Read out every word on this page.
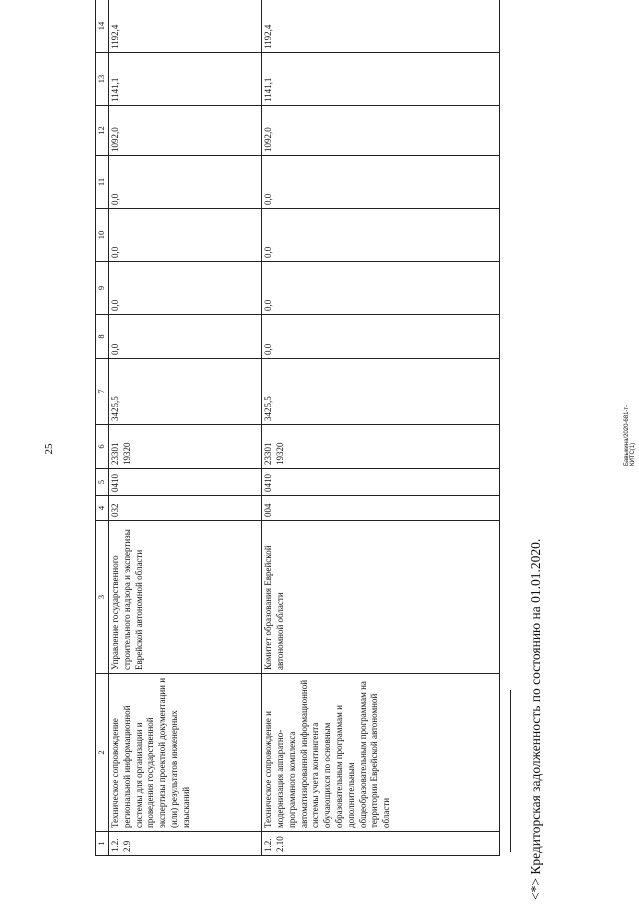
25	Бавыкина/2020-681-т-КИТС(1)
1	2	3	4	5	6	7	8	9	10	11	12	13	14
1.2.2.9	Техническое сопровождение региональной информационной системы для организации и проведения государственной экспертизы проектной документации и (или) результатов инженерных изысканий	Управление государственного строительного надзора и экспертизы Еврейской автономной области	032	0410	23301 19320	3425,5	0,0	0,0	0,0	0,0	1092,0	1141,1	1192,4
1.2.2.10	Техническое сопровождение и модернизация аппаратно-программного комплекса автоматизированной информационной системы учета контингента обучающихся по основным образовательным программам и дополнительным общеобразовательным программам на территории Еврейской автономной области	Комитет образования Еврейской автономной области	004	0410	23301 19320	3425,5	0,0	0,0	0,0	0,0	1092,0	1141,1	1192,4
<*> Кредиторская задолженность по состоянию на 01.01.2020.
